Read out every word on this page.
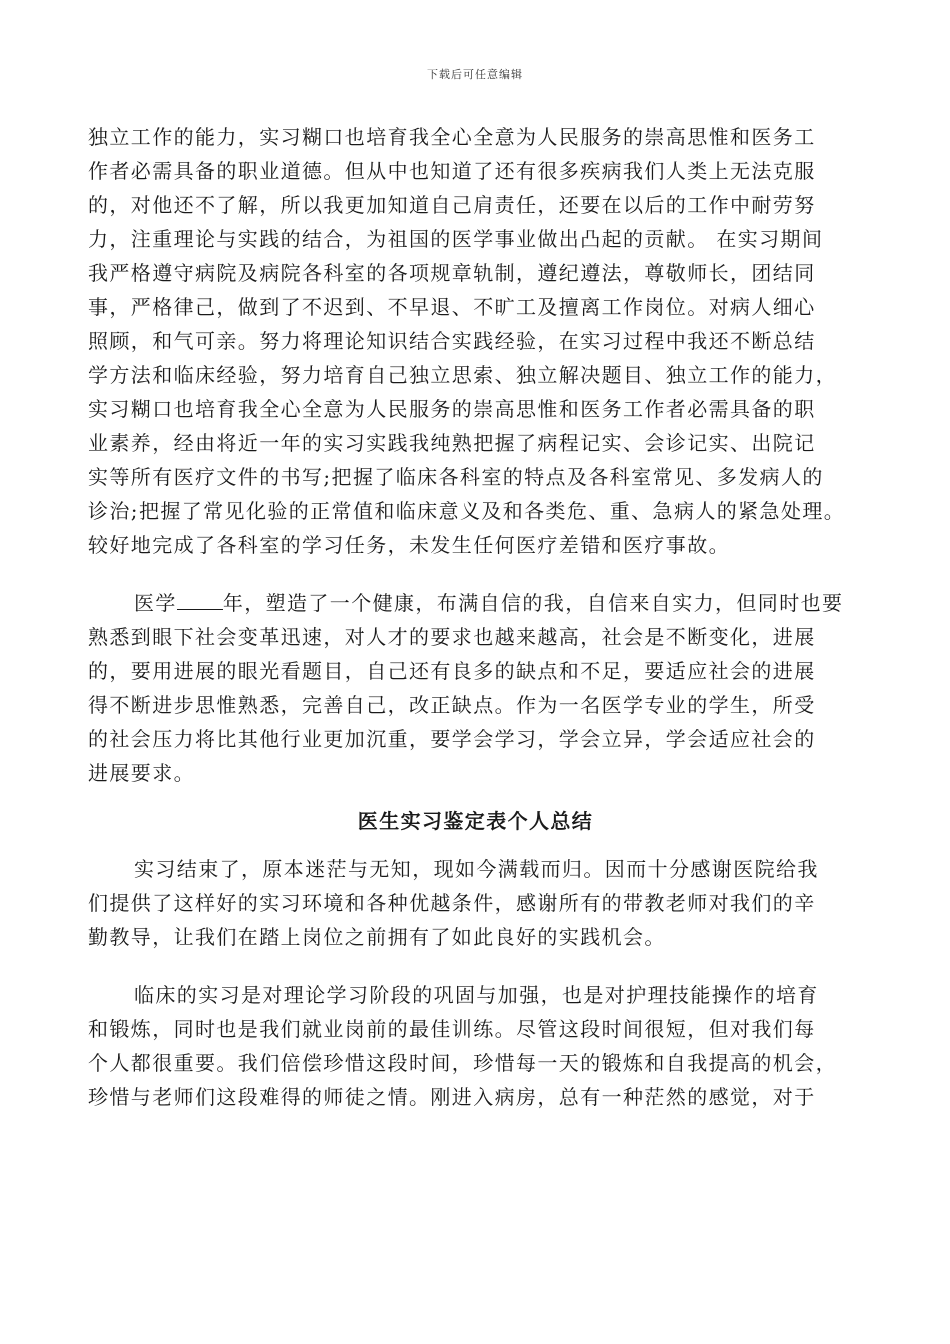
下载后可任意编辑
独立工作的能力，实习糊口也培育我全心全意为人民服务的崇高思惟和医务工
作者必需具备的职业道德。但从中也知道了还有很多疾病我们人类上无法克服
的，对他还不了解，所以我更加知道自己肩责任，还要在以后的工作中耐劳努
力，注重理论与实践的结合，为祖国的医学事业做出凸起的贡献。 在实习期间
我严格遵守病院及病院各科室的各项规章轨制，遵纪遵法，尊敬师长，团结同
事，严格律己，做到了不迟到、不早退、不旷工及擅离工作岗位。对病人细心
照顾，和气可亲。努力将理论知识结合实践经验，在实习过程中我还不断总结
学方法和临床经验，努力培育自己独立思索、独立解决题目、独立工作的能力，
实习糊口也培育我全心全意为人民服务的崇高思惟和医务工作者必需具备的职
业素养，经由将近一年的实习实践我纯熟把握了病程记实、会诊记实、出院记
实等所有医疗文件的书写;把握了临床各科室的特点及各科室常见、多发病人的
诊治;把握了常见化验的正常值和临床意义及和各类危、重、急病人的紧急处理。
较好地完成了各科室的学习任务，未发生任何医疗差错和医疗事故。
医学 年，塑造了一个健康，布满自信的我，自信来自实力，但同时也要
熟悉到眼下社会变革迅速，对人才的要求也越来越高，社会是不断变化，进展
的，要用进展的眼光看题目，自己还有良多的缺点和不足，要适应社会的进展
得不断进步思惟熟悉，完善自己，改正缺点。作为一名医学专业的学生，所受
的社会压力将比其他行业更加沉重，要学会学习，学会立异，学会适应社会的
进展要求。
医生实习鉴定表个人总结
实习结束了，原本迷茫与无知，现如今满载而归。因而十分感谢医院给我
们提供了这样好的实习环境和各种优越条件，感谢所有的带教老师对我们的辛
勤教导，让我们在踏上岗位之前拥有了如此良好的实践机会。
临床的实习是对理论学习阶段的巩固与加强，也是对护理技能操作的培育
和锻炼，同时也是我们就业岗前的最佳训练。尽管这段时间很短，但对我们每
个人都很重要。我们倍偿珍惜这段时间，珍惜每一天的锻炼和自我提高的机会，
珍惜与老师们这段难得的师徒之情。刚进入病房，总有一种茫然的感觉，对于
